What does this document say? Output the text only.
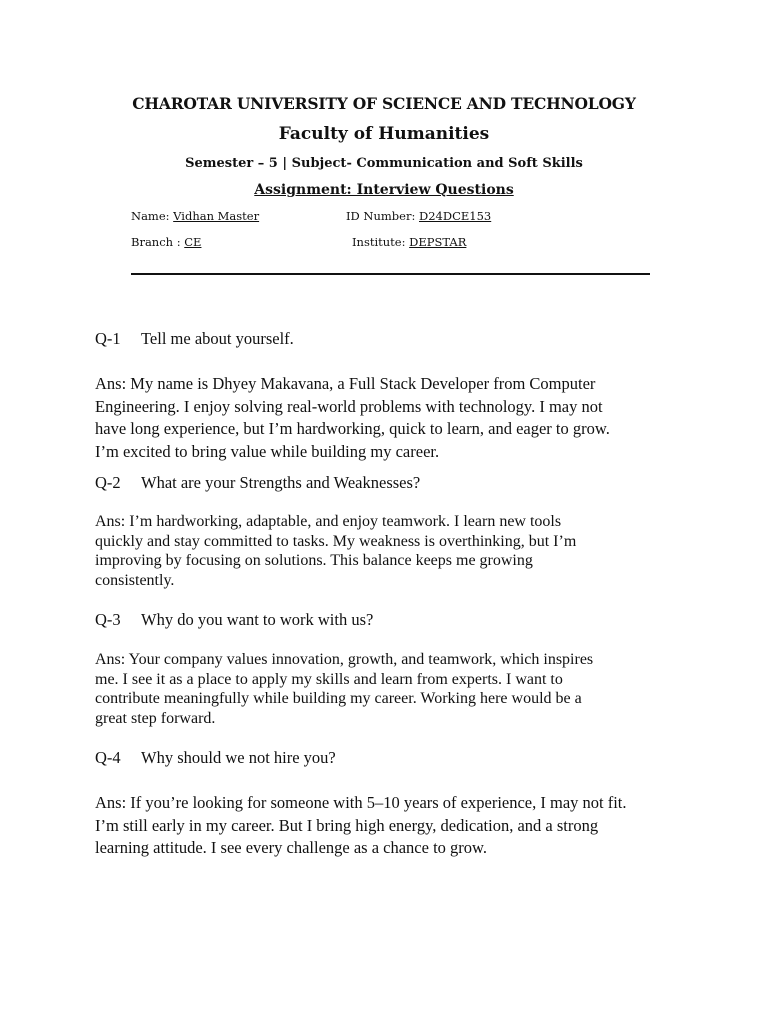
CHAROTAR UNIVERSITY OF SCIENCE AND TECHNOLOGY
Faculty of Humanities
Semester – 5 | Subject- Communication and Soft Skills
Assignment: Interview Questions
Name: Vidhan Master	ID Number: D24DCE153
Branch : CE	Institute: DEPSTAR
Q-1 Tell me about yourself.
Ans: My name is Dhyey Makavana, a Full Stack Developer from Computer
Engineering. I enjoy solving real-world problems with technology. I may not
have long experience, but I’m hardworking, quick to learn, and eager to grow.
I’m excited to bring value while building my career.
Q-2 What are your Strengths and Weaknesses?
Ans: I’m hardworking, adaptable, and enjoy teamwork. I learn new tools
quickly and stay committed to tasks. My weakness is overthinking, but I’m
improving by focusing on solutions. This balance keeps me growing
consistently.
Q-3 Why do you want to work with us?
Ans: Your company values innovation, growth, and teamwork, which inspires
me. I see it as a place to apply my skills and learn from experts. I want to
contribute meaningfully while building my career. Working here would be a
great step forward.
Q-4 Why should we not hire you?
Ans: If you’re looking for someone with 5–10 years of experience, I may not fit.
I’m still early in my career. But I bring high energy, dedication, and a strong
learning attitude. I see every challenge as a chance to grow.
